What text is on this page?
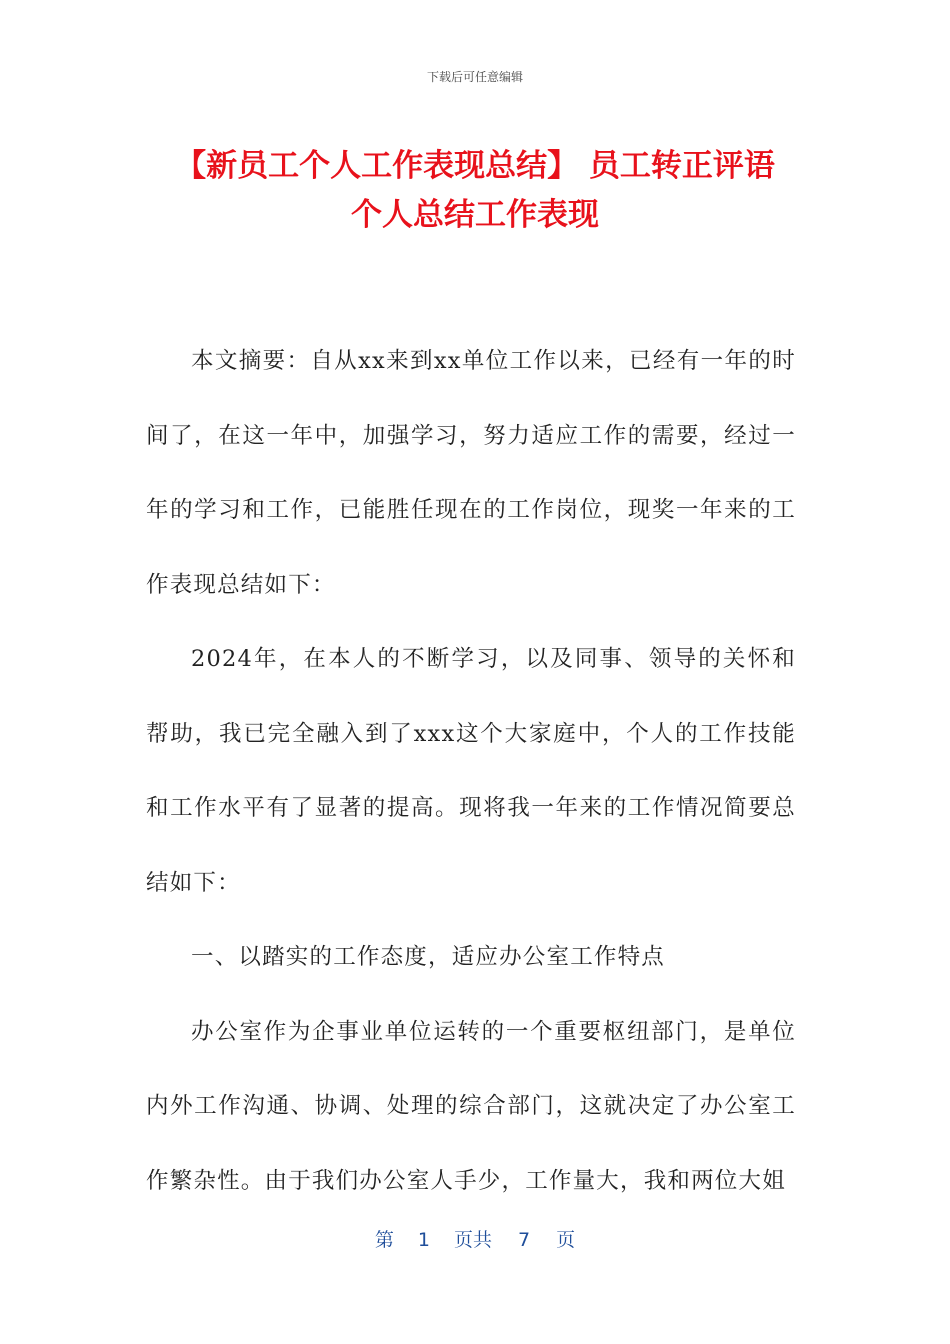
下载后可任意编辑
【新员工个人工作表现总结】 员工转正评语
个人总结工作表现

本文摘要：自从xx来到xx单位工作以来，已经有一年的时间了，在这一年中，加强学习，努力适应工作的需要，经过一年的学习和工作，已能胜任现在的工作岗位，现奖一年来的工作表现总结如下：

2024年，在本人的不断学习，以及同事、领导的关怀和帮助，我已完全融入到了xxx这个大家庭中，个人的工作技能和工作水平有了显著的提高。现将我一年来的工作情况简要总结如下：

一、以踏实的工作态度，适应办公室工作特点

办公室作为企事业单位运转的一个重要枢纽部门，是单位内外工作沟通、协调、处理的综合部门，这就决定了办公室工作繁杂性。由于我们办公室人手少，工作量大，我和两位大姐

第 1 页共 7 页
